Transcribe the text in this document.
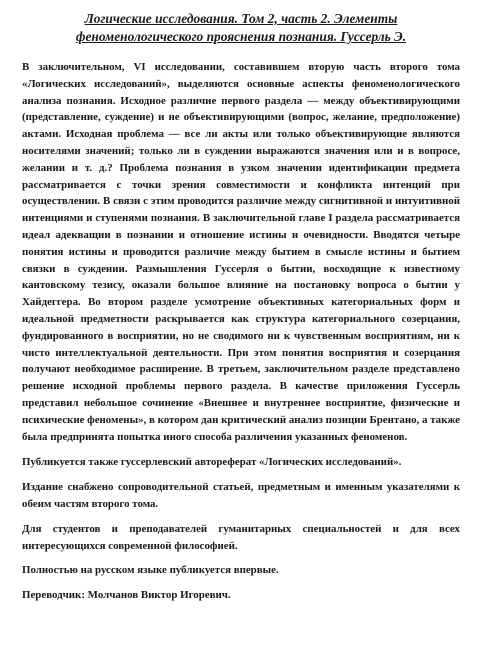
Логические исследования. Том 2, часть 2. Элементы
феноменологического прояснения познания. Гуссерль Э.

В заключительном, VI исследовании, составившем вторую часть второго тома «Логических исследований», выделяются основные аспекты феноменологического анализа познания. Исходное различие первого раздела — между объективирующими (представление, суждение) и не объективирующими (вопрос, желание, предположение) актами. Исходная проблема — все ли акты или только объективирующие являются носителями значений; только ли в суждении выражаются значения или и в вопросе, желании и т. д.? Проблема познания в узком значении идентификации предмета рассматривается с точки зрения совместимости и конфликта интенций при осуществлении. В связи с этим проводится различие между сигнитивной и интуитивной интенциями и ступенями познания. В заключительной главе I раздела рассматривается идеал адекващии в познании и отношение истины и очевидности. Вводятся четыре понятия истины и проводится различие между бытием в смысле истины и бытием связки в суждении. Размышления Гуссерля о бытии, восходящие к известному кантовскому тезису, оказали большое влияние на постановку вопроса о бытии у Хайдеггера. Во втором разделе усмотрение объективных категориальных форм и идеальной предметности раскрывается как структура категориального созерцания, фундированного в восприятии, но не сводимого ни к чувственным восприятиям, ни к чисто интеллектуальной деятельности. При этом понятия восприятия и созерцания получают необходимое расширение. В третьем, заключительном разделе представлено решение исходной проблемы первого раздела. В качестве приложения Гуссерль представил небольшое сочинение «Внешнее и внутреннее восприятие, физические и психические феномены», в котором дан критический анализ позиции Брентано, а также была предпринята попытка иного способа различения указанных феноменов.

Публикуется также гуссерлевский автореферат «Логических исследований».

Издание снабжено сопроводительной статьей, предметным и именным указателями к обеим частям второго тома.

Для студентов и преподавателей гуманитарных специальностей и для всех интересующихся современной философией.

Полностью на русском языке публикуется впервые.

Переводчик: Молчанов Виктор Игоревич.
